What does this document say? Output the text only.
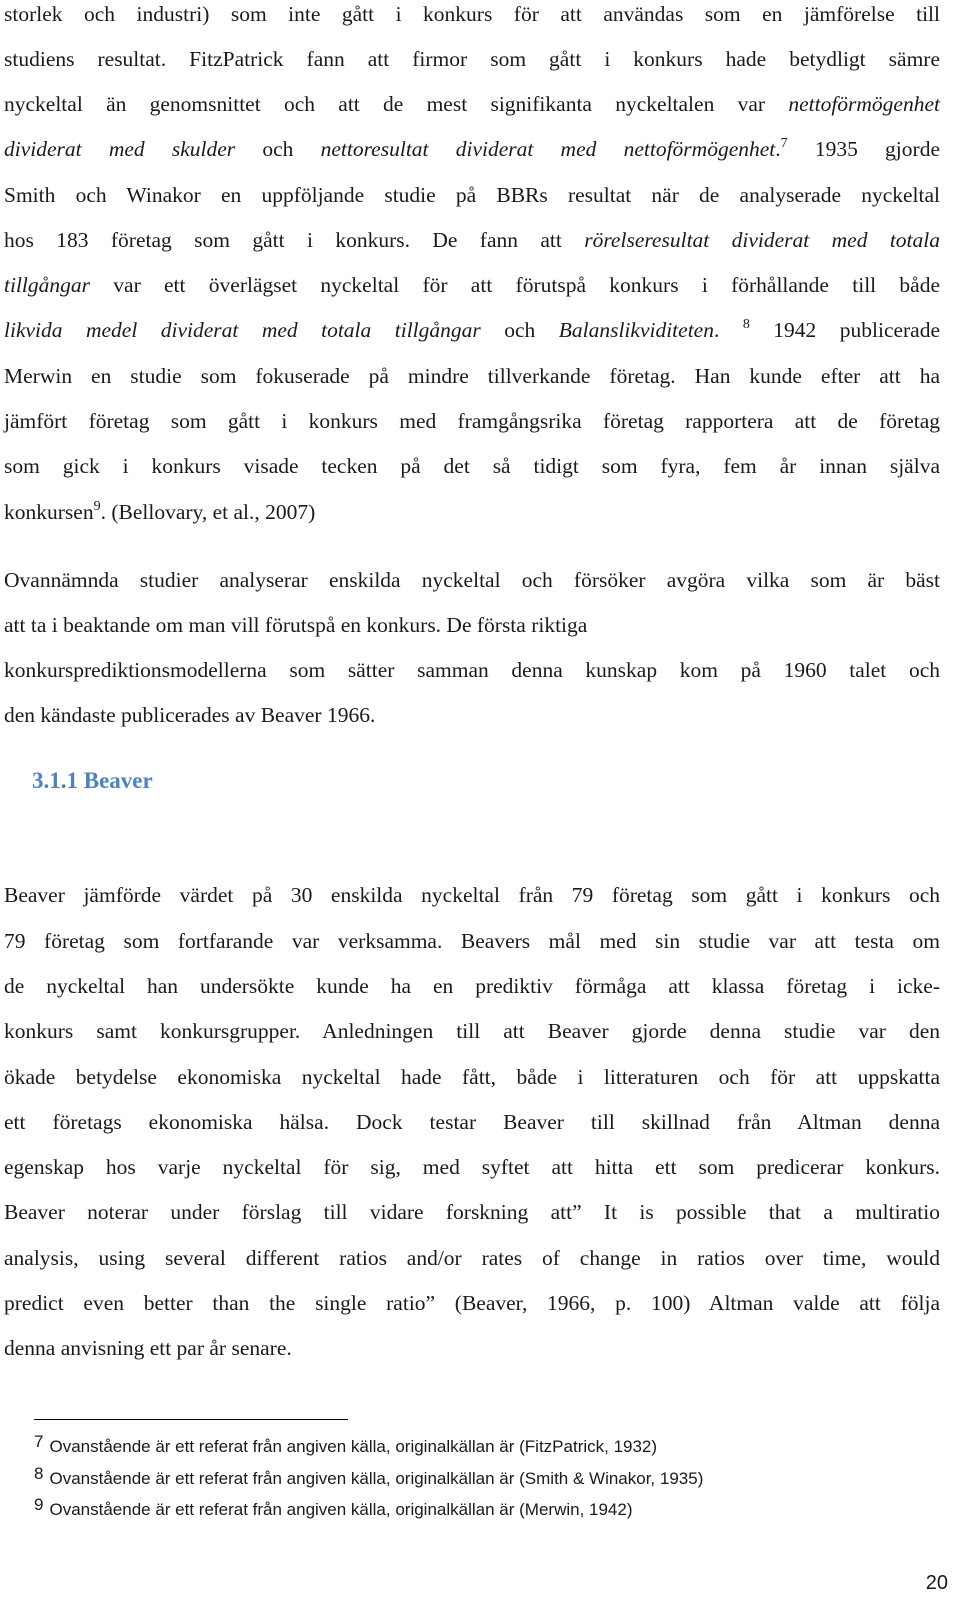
storlek och industri) som inte gått i konkurs för att användas som en jämförelse till
studiens resultat. FitzPatrick fann att firmor som gått i konkurs hade betydligt sämre
nyckeltal än genomsnittet och att de mest signifikanta nyckeltalen var nettoförmögenhet
dividerat med skulder och nettoresultat dividerat med nettoförmögenhet.$^7$ 1935 gjorde
Smith och Winakor en uppföljande studie på BBRs resultat när de analyserade nyckeltal
hos 183 företag som gått i konkurs. De fann att rörelseresultat dividerat med totala
tillgångar var ett överlägset nyckeltal för att förutspå konkurs i förhållande till både
likvida medel dividerat med totala tillgångar och Balanslikviditeten. $^8$ 1942 publicerade
Merwin en studie som fokuserade på mindre tillverkande företag. Han kunde efter att ha
jämfört företag som gått i konkurs med framgångsrika företag rapportera att de företag
som gick i konkurs visade tecken på det så tidigt som fyra, fem år innan själva
konkursen$^9$. (Bellovary, et al., 2007)
Ovannämnda studier analyserar enskilda nyckeltal och försöker avgöra vilka som är bäst
att ta i beaktande om man vill förutspå en konkurs. De första riktiga
konkursprediktionsmodellerna som sätter samman denna kunskap kom på 1960 talet och
den kändaste publicerades av Beaver 1966.
3.1.1 Beaver
Beaver jämförde värdet på 30 enskilda nyckeltal från 79 företag som gått i konkurs och
79 företag som fortfarande var verksamma. Beavers mål med sin studie var att testa om
de nyckeltal han undersökte kunde ha en prediktiv förmåga att klassa företag i icke-
konkurs samt konkursgrupper. Anledningen till att Beaver gjorde denna studie var den
ökade betydelse ekonomiska nyckeltal hade fått, både i litteraturen och för att uppskatta
ett företags ekonomiska hälsa. Dock testar Beaver till skillnad från Altman denna
egenskap hos varje nyckeltal för sig, med syftet att hitta ett som predicerar konkurs.
Beaver noterar under förslag till vidare forskning att” It is possible that a multiratio
analysis, using several different ratios and/or rates of change in ratios over time, would
predict even better than the single ratio” (Beaver, 1966, p. 100) Altman valde att följa
denna anvisning ett par år senare.
7 Ovanstående är ett referat från angiven källa, originalkällan är (FitzPatrick, 1932)
8 Ovanstående är ett referat från angiven källa, originalkällan är (Smith & Winakor, 1935)
9 Ovanstående är ett referat från angiven källa, originalkällan är (Merwin, 1942)
20
